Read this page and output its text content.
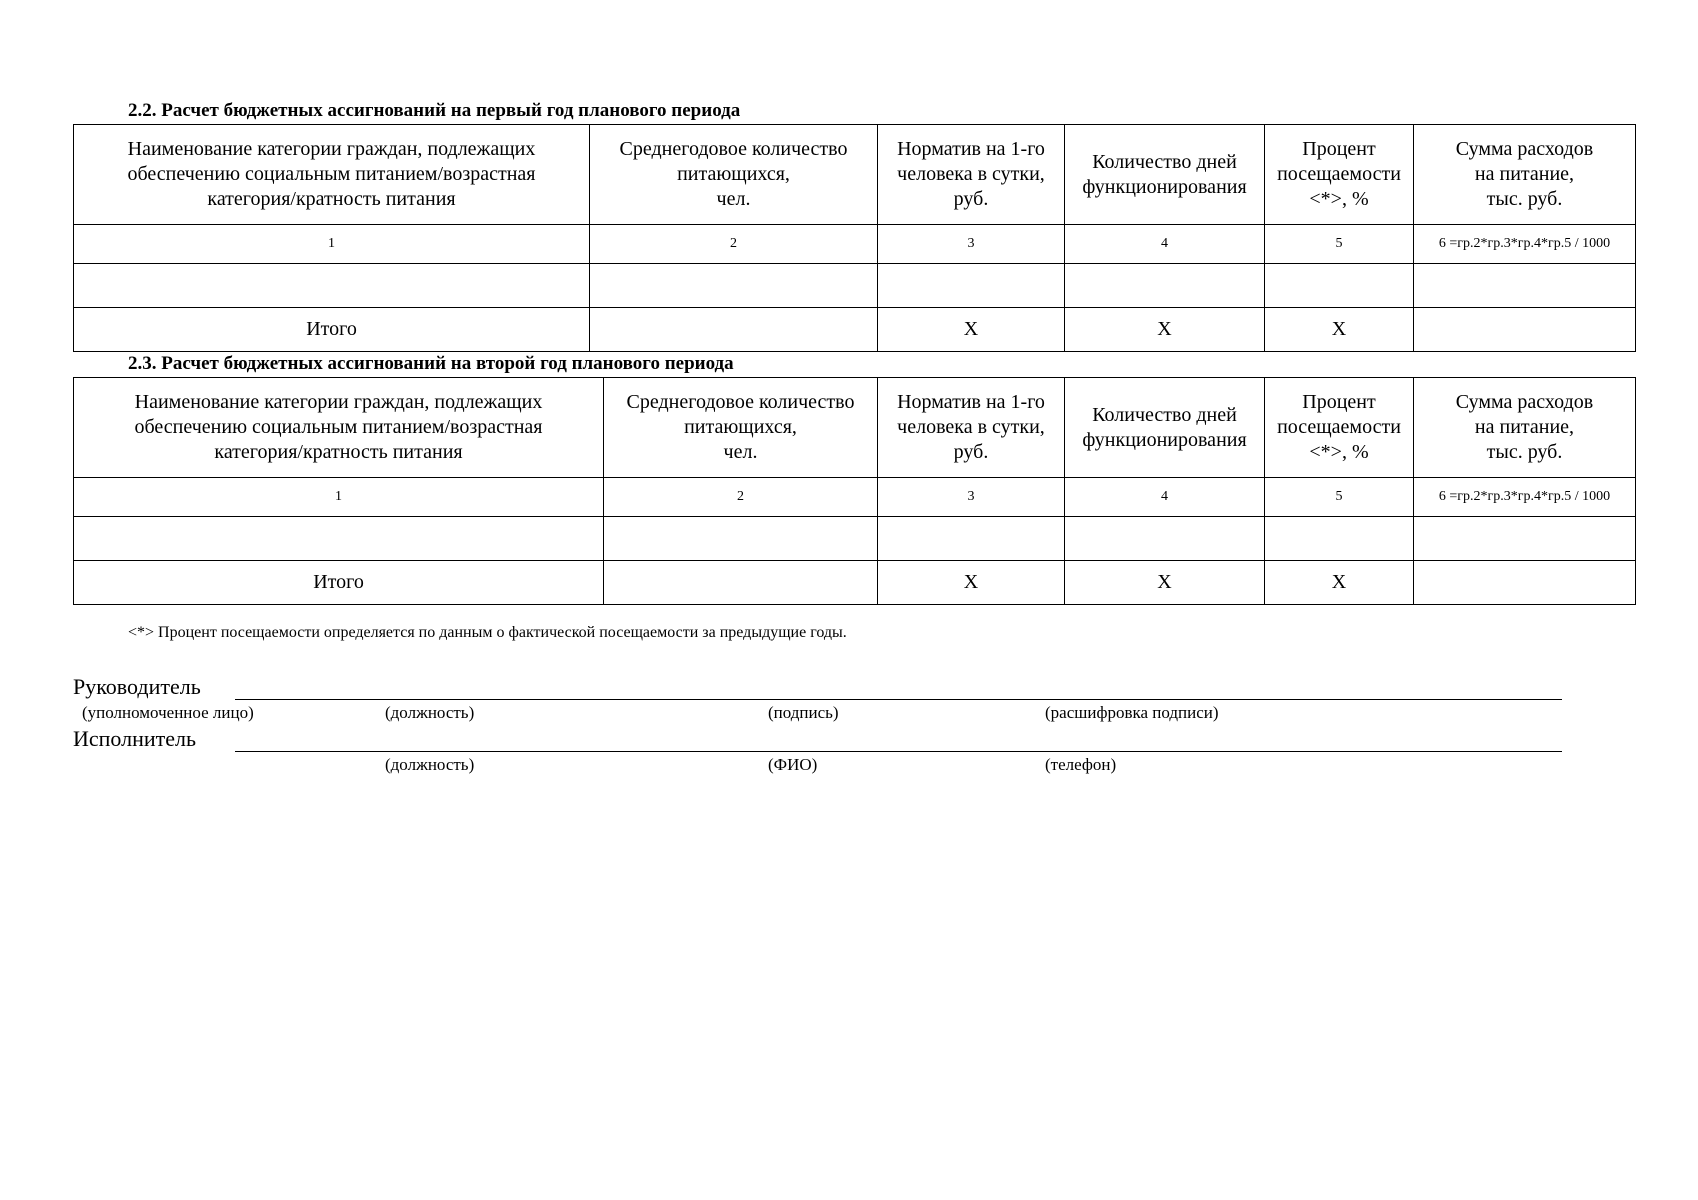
2.2. Расчет бюджетных ассигнований на первый год планового периода
Наименование категории граждан, подлежащих
обеспечению социальным питанием/возрастная
категория/кратность питания	Среднегодовое количество
питающихся,
чел.	Норматив на 1-го
человека в сутки,
руб.	Количество дней
функционирования	Процент
посещаемости
<*>, %	Сумма расходов
на питание,
тыс. руб.
1	2	3	4	5	6 =гр.2*гр.3*гр.4*гр.5 / 1000

Итого		X	X	X	
2.3. Расчет бюджетных ассигнований на второй год планового периода
Наименование категории граждан, подлежащих
обеспечению социальным питанием/возрастная
категория/кратность питания	Среднегодовое количество
питающихся,
чел.	Норматив на 1-го
человека в сутки,
руб.	Количество дней
функционирования	Процент
посещаемости
<*>, %	Сумма расходов
на питание,
тыс. руб.
1	2	3	4	5	6 =гр.2*гр.3*гр.4*гр.5 / 1000

Итого		X	X	X	
<*> Процент посещаемости определяется по данным о фактической посещаемости за предыдущие годы.
Руководитель
(уполномоченное лицо)	(должность)	(подпись)	(расшифровка подписи)
Исполнитель
(должность)	(ФИО)	(телефон)
